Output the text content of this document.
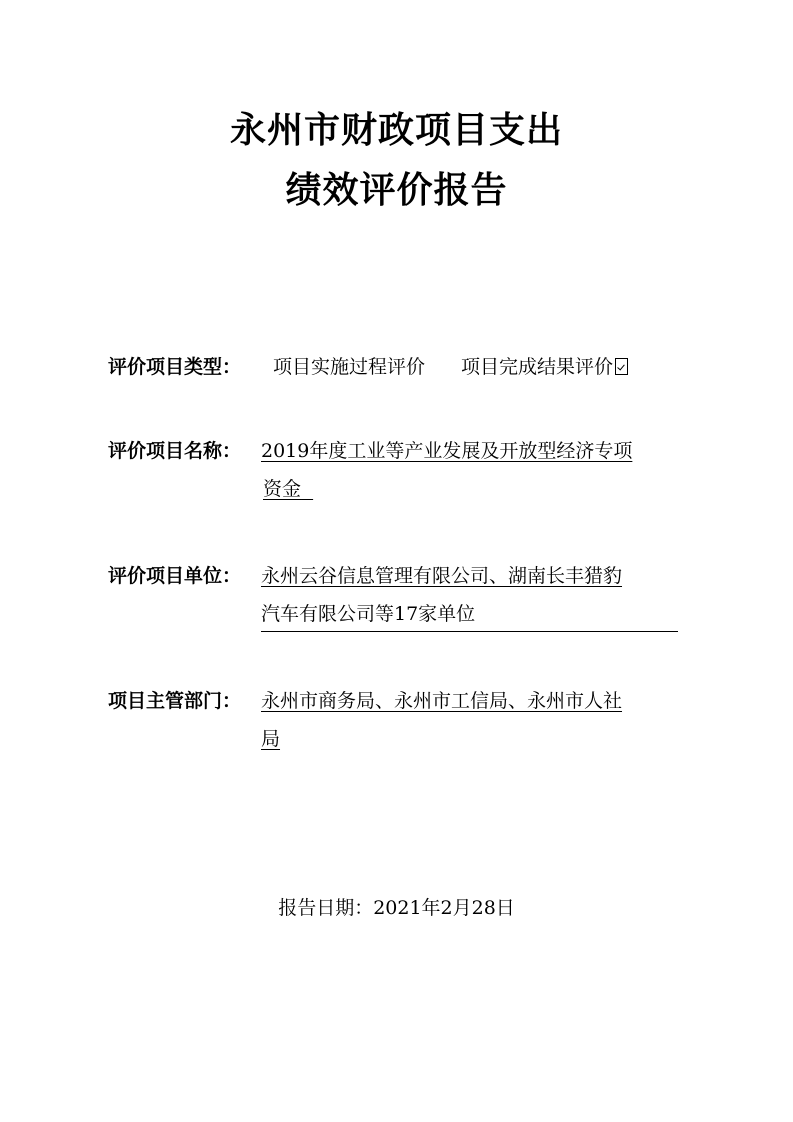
永州市财政项目支出
绩效评价报告
评价项目类型： 项目实施过程评价 项目完成结果评价
评价项目名称： 2019年度工业等产业发展及开放型经济专项
资金
评价项目单位： 永州云谷信息管理有限公司、湖南长丰猎豹
汽车有限公司等17家单位
项目主管部门： 永州市商务局、永州市工信局、永州市人社
局
报告日期：2021年2月28日
